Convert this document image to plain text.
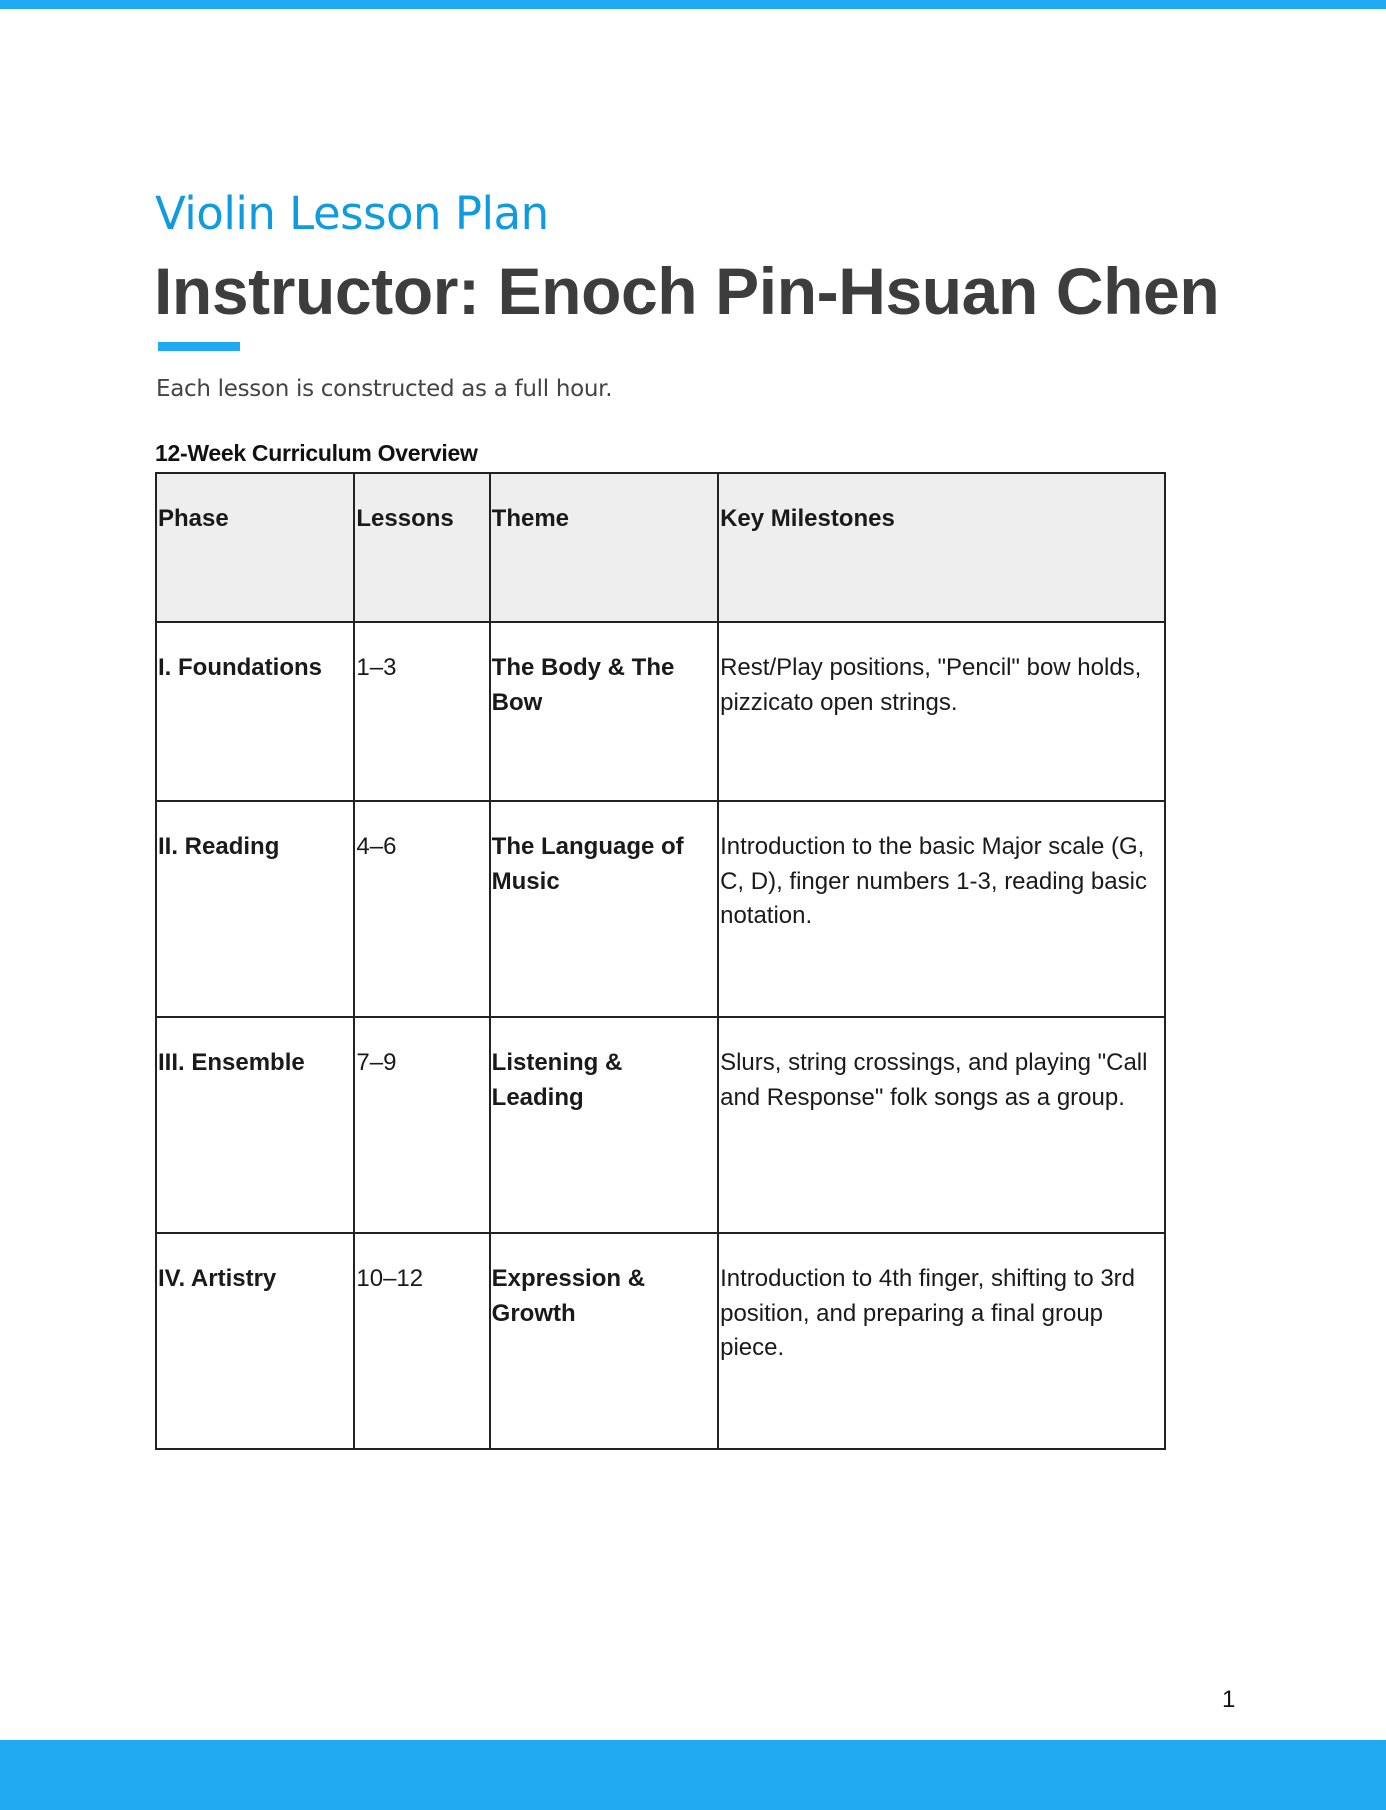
Violin Lesson Plan
Instructor: Enoch Pin-Hsuan Chen
Each lesson is constructed as a full hour.
12-Week Curriculum Overview
Phase	Lessons	Theme	Key Milestones
I. Foundations	1–3	The Body & The Bow	Rest/Play positions, "Pencil" bow holds, pizzicato open strings.
II. Reading	4–6	The Language of Music	Introduction to the basic Major scale (G, C, D), finger numbers 1-3, reading basic notation.
III. Ensemble	7–9	Listening & Leading	Slurs, string crossings, and playing "Call and Response" folk songs as a group.
IV. Artistry	10–12	Expression & Growth	Introduction to 4th finger, shifting to 3rd position, and preparing a final group piece.
1
